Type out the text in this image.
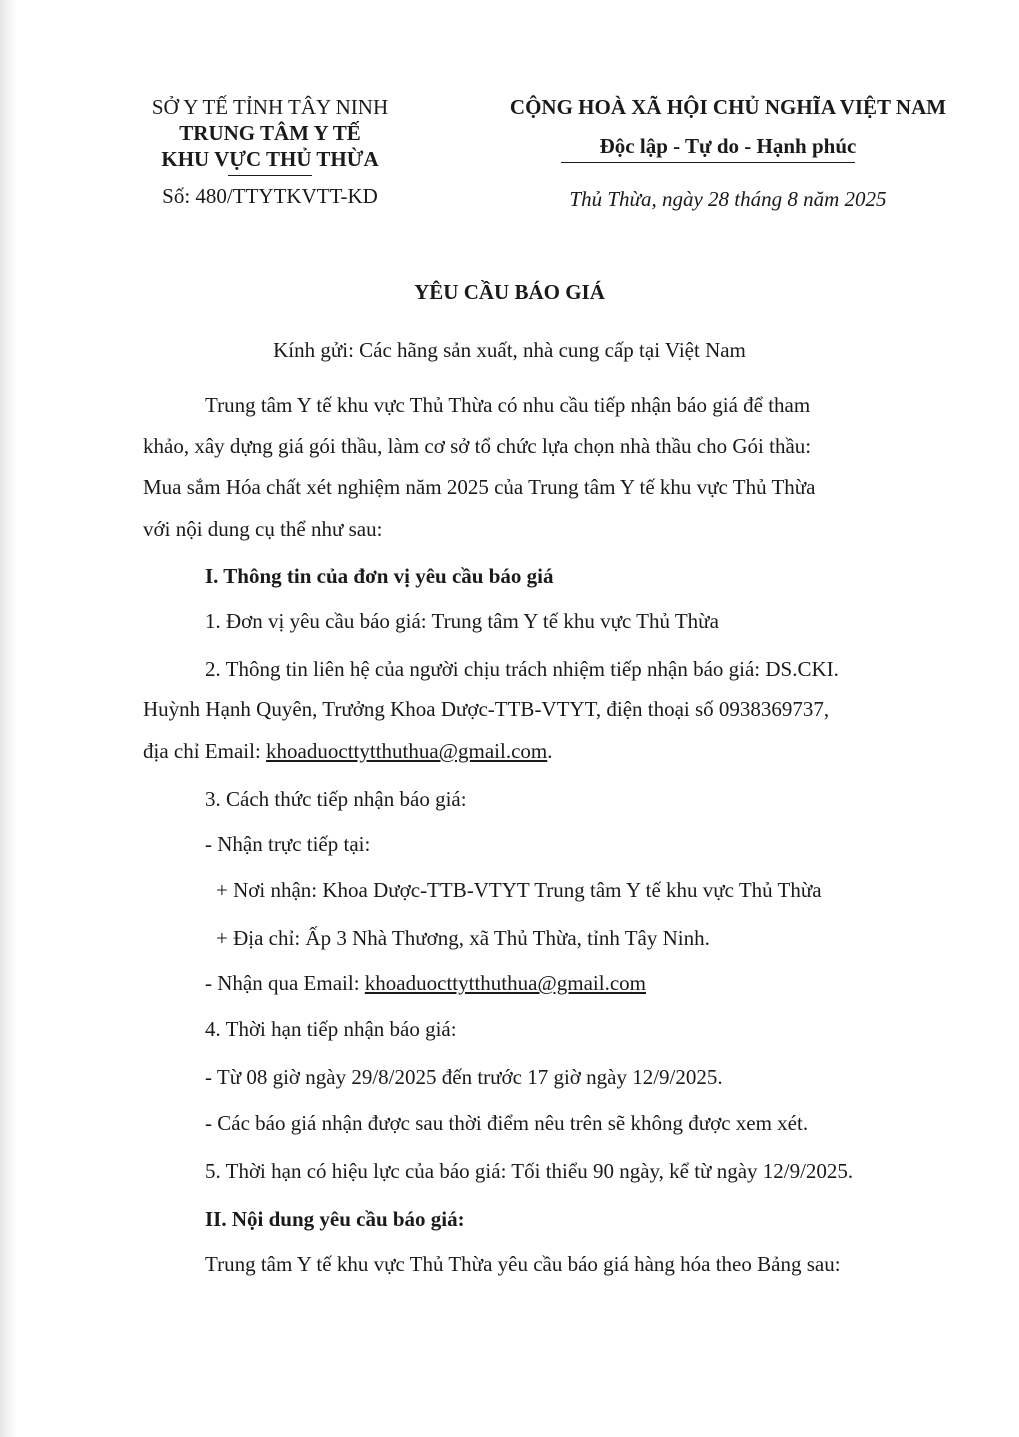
SỞ Y TẾ TỈNH TÂY NINH
TRUNG TÂM Y TẾ
KHU VỰC THỦ THỪA
Số: 480/TTYTKVTT-KD
CỘNG HOÀ XÃ HỘI CHỦ NGHĨA VIỆT NAM
Độc lập - Tự do - Hạnh phúc
Thủ Thừa, ngày 28 tháng 8 năm 2025
YÊU CẦU BÁO GIÁ
Kính gửi: Các hãng sản xuất, nhà cung cấp tại Việt Nam
Trung tâm Y tế khu vực Thủ Thừa có nhu cầu tiếp nhận báo giá để tham
khảo, xây dựng giá gói thầu, làm cơ sở tổ chức lựa chọn nhà thầu cho Gói thầu:
Mua sắm Hóa chất xét nghiệm năm 2025 của Trung tâm Y tế khu vực Thủ Thừa
với nội dung cụ thể như sau:
I. Thông tin của đơn vị yêu cầu báo giá
1. Đơn vị yêu cầu báo giá: Trung tâm Y tế khu vực Thủ Thừa
2. Thông tin liên hệ của người chịu trách nhiệm tiếp nhận báo giá: DS.CKI.
Huỳnh Hạnh Quyên, Trưởng Khoa Dược-TTB-VTYT, điện thoại số 0938369737,
địa chỉ Email: khoaduocttytthuthua@gmail.com.
3. Cách thức tiếp nhận báo giá:
- Nhận trực tiếp tại:
+ Nơi nhận: Khoa Dược-TTB-VTYT Trung tâm Y tế khu vực Thủ Thừa
+ Địa chỉ: Ấp 3 Nhà Thương, xã Thủ Thừa, tỉnh Tây Ninh.
- Nhận qua Email: khoaduocttytthuthua@gmail.com
4. Thời hạn tiếp nhận báo giá:
- Từ 08 giờ ngày 29/8/2025 đến trước 17 giờ ngày 12/9/2025.
- Các báo giá nhận được sau thời điểm nêu trên sẽ không được xem xét.
5. Thời hạn có hiệu lực của báo giá: Tối thiểu 90 ngày, kể từ ngày 12/9/2025.
II. Nội dung yêu cầu báo giá:
Trung tâm Y tế khu vực Thủ Thừa yêu cầu báo giá hàng hóa theo Bảng sau:
